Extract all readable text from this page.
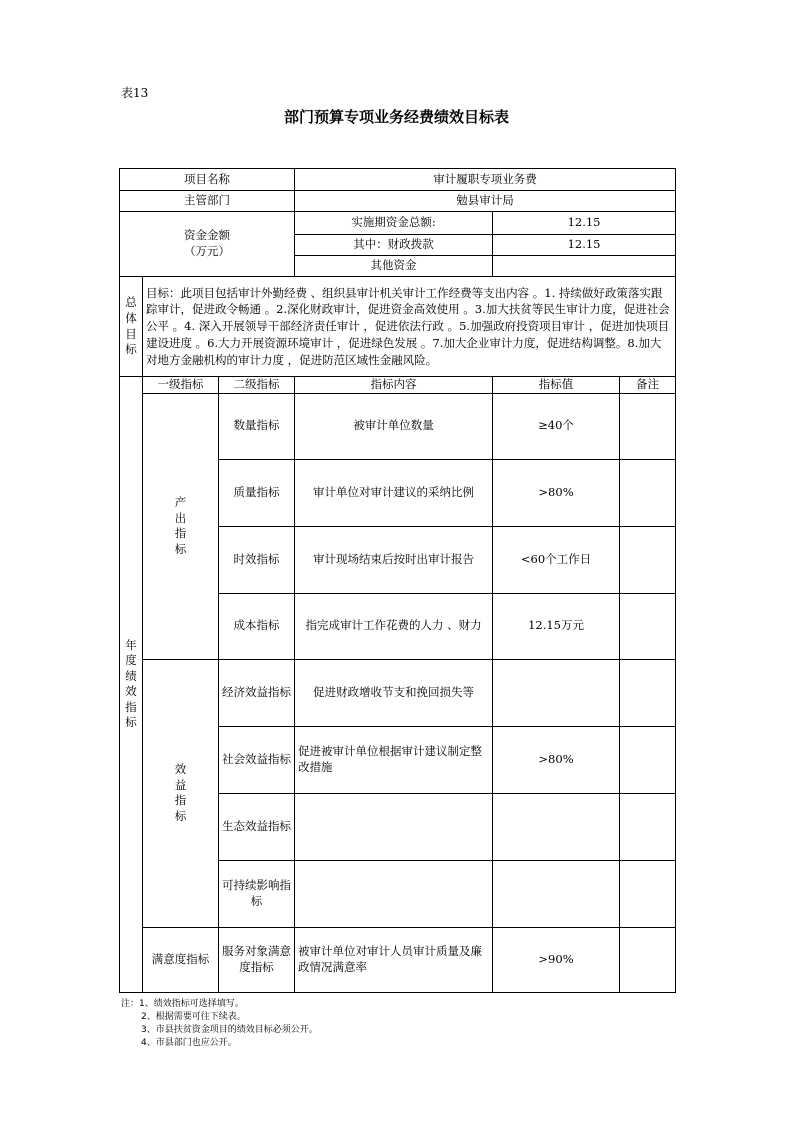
表13
部门预算专项业务经费绩效目标表
项目名称			审计履职专项业务费		
主管部门			勉县审计局		

资金金额
（万元）			实施期资金总额:	12.15	
			其中：财政拨款	12.15	
			其他资金		
总体目标	目标：此项目包括审计外勤经费 、组织县审计机关审计工作经费等支出内容 。1. 持续做好政策落实跟踪审计，促进政令畅通 。2.深化财政审计，促进资金高效使用 。3.加大扶贫等民生审计力度，促进社会公平 。4. 深入开展领导干部经济责任审计 ，促进依法行政 。5.加强政府投资项目审计 ，促进加快项目建设进度 。6.大力开展资源环境审计 ，促进绿色发展 。7.加大企业审计力度，促进结构调整。8.加大对地方金融机构的审计力度 ，促进防范区域性金融风险。				
年度绩效指标	一级指标	二级指标	指标内容	指标值	备注
	产出指标	数量指标	被审计单位数量	≥40个	
		质量指标	审计单位对审计建议的采纳比例	>80%	
		时效指标	审计现场结束后按时出审计报告	<60个工作日	
		成本指标	指完成审计工作花费的人力 、财力	12.15万元	
	效益指标	经济效益指标	促进财政增收节支和挽回损失等		
		社会效益指标	促进被审计单位根据审计建议制定整改措施	>80%	
		生态效益指标			
		可持续影响指标			
	满意度指标	服务对象满意度指标	被审计单位对审计人员审计质量及廉政情况满意率	>90%	
注：1、绩效指标可选择填写。
2、根据需要可往下续表。
3、市县扶贫资金项目的绩效目标必须公开。
4、市县部门也应公开。
